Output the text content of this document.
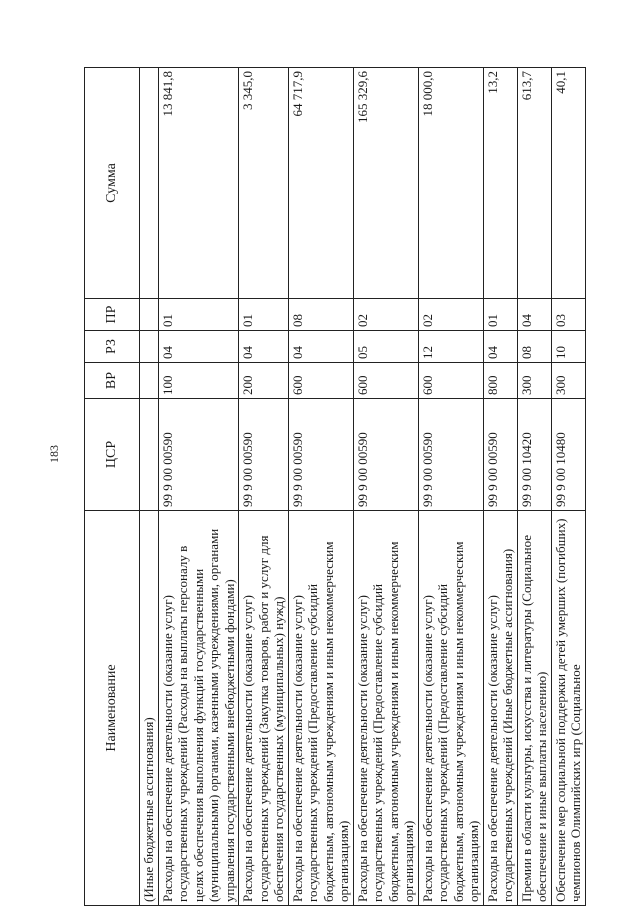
183
Наименование	ЦСР	ВР	РЗ	ПР	Сумма
(Иные бюджетные ассигнования)					
Расходы на обеспечение деятельности (оказание услуг) государственных учреждений (Расходы на выплаты персоналу в целях обеспечения выполнения функций государственными (муниципальными) органами, казенными учреждениями, органами управления государственными внебюджетными фондами)	99 9 00 00590	100	04	01	13 841,8
Расходы на обеспечение деятельности (оказание услуг) государственных учреждений (Закупка товаров, работ и услуг для обеспечения государственных (муниципальных) нужд)	99 9 00 00590	200	04	01	3 345,0
Расходы на обеспечение деятельности (оказание услуг) государственных учреждений (Предоставление субсидий бюджетным, автономным учреждениям и иным некоммерческим организациям)	99 9 00 00590	600	04	08	64 717,9
Расходы на обеспечение деятельности (оказание услуг) государственных учреждений (Предоставление субсидий бюджетным, автономным учреждениям и иным некоммерческим организациям)	99 9 00 00590	600	05	02	165 329,6
Расходы на обеспечение деятельности (оказание услуг) государственных учреждений (Предоставление субсидий бюджетным, автономным учреждениям и иным некоммерческим организациям)	99 9 00 00590	600	12	02	18 000,0
Расходы на обеспечение деятельности (оказание услуг) государственных учреждений (Иные бюджетные ассигнования)	99 9 00 00590	800	04	01	13,2
Премии в области культуры, искусства и литературы (Социальное обеспечение и иные выплаты населению)	99 9 00 10420	300	08	04	613,7
Обеспечение мер социальной поддержки детей умерших (погибших) чемпионов Олимпийских игр (Социальное	99 9 00 10480	300	10	03	40,1
